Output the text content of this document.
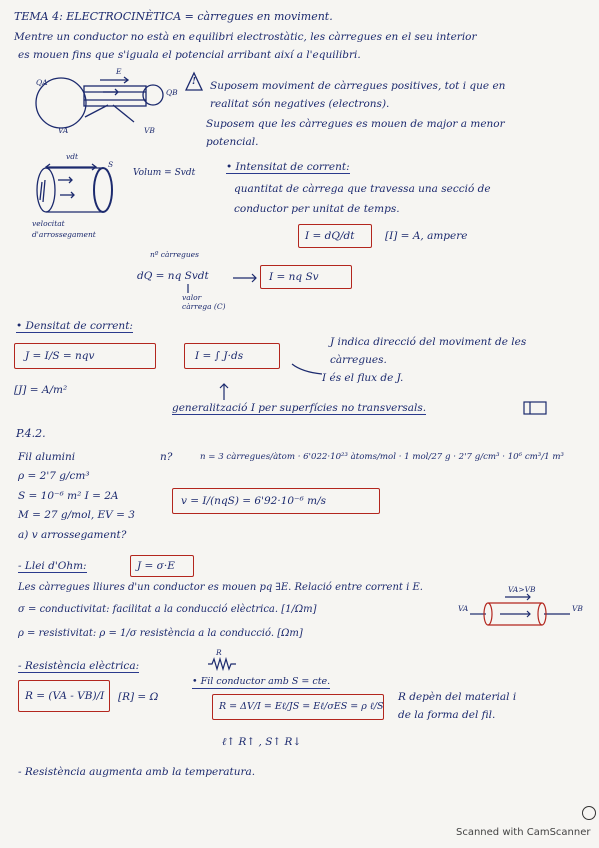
TEMA 4: ELECTROCINÈTICA = càrregues en moviment.
Mentre un conductor no està en equilibri electrostàtic, les càrregues en el seu interior
es mouen fins que s'iguala el potencial arribant així a l'equilibri.
QA
QB
E
VA	VB
! Suposem moviment de càrregues positives, tot i que en
realitat són negatives (electrons).
Suposem que les càrregues es mouen de major a menor
potencial.
vdt
S
Volum = Svdt
velocitat
d'arrossegament
• Intensitat de corrent:
quantitat de càrrega que travessa una secció de
conductor per unitat de temps.
I = dQ/dt	[I] = A, ampere
nº càrregues
dQ = nq Svdt
valor
càrrega (C)
I = nq Sv
• Densitat de corrent:
J = I/S = nqv	I = ∫ J·ds
[J] = A/m²
J indica direcció del moviment de les
càrregues.
I és el flux de J.
generalització I per superfícies no transversals.
P.4.2.
Fil alumini
ρ = 2'7 g/cm³
S = 10⁻⁶ m² I = 2A
M = 27 g/mol, EV = 3
a) v arrossegament?
n?	n = 3 càrregues/àtom · 6'022·10²³ àtoms/mol · 1 mol/27 g · 2'7 g/cm³ · 10⁶ cm³/1 m³
v = I/(nqS) = 6'92·10⁻⁶ m/s
- Llei d'Ohm:	J = σ·E
Les càrregues lliures d'un conductor es mouen pq ∃E. Relació entre corrent i E.
σ = conductivitat: facilitat a la conducció elèctrica. [1/Ωm]
ρ = resistivitat: ρ = 1/σ resistència a la conducció. [Ωm]
VA	VB
VA>VB
- Resistència elèctrica:
R
R = (VA - VB)/I [R] = Ω
• Fil conductor amb S = cte.
R = ΔV/I = Eℓ/JS = Eℓ/σES = ρ ℓ/S
R depèn del material i
de la forma del fil.
ℓ↑ R↑ , S↑ R↓
- Resistència augmenta amb la temperatura.
Scanned with CamScanner
